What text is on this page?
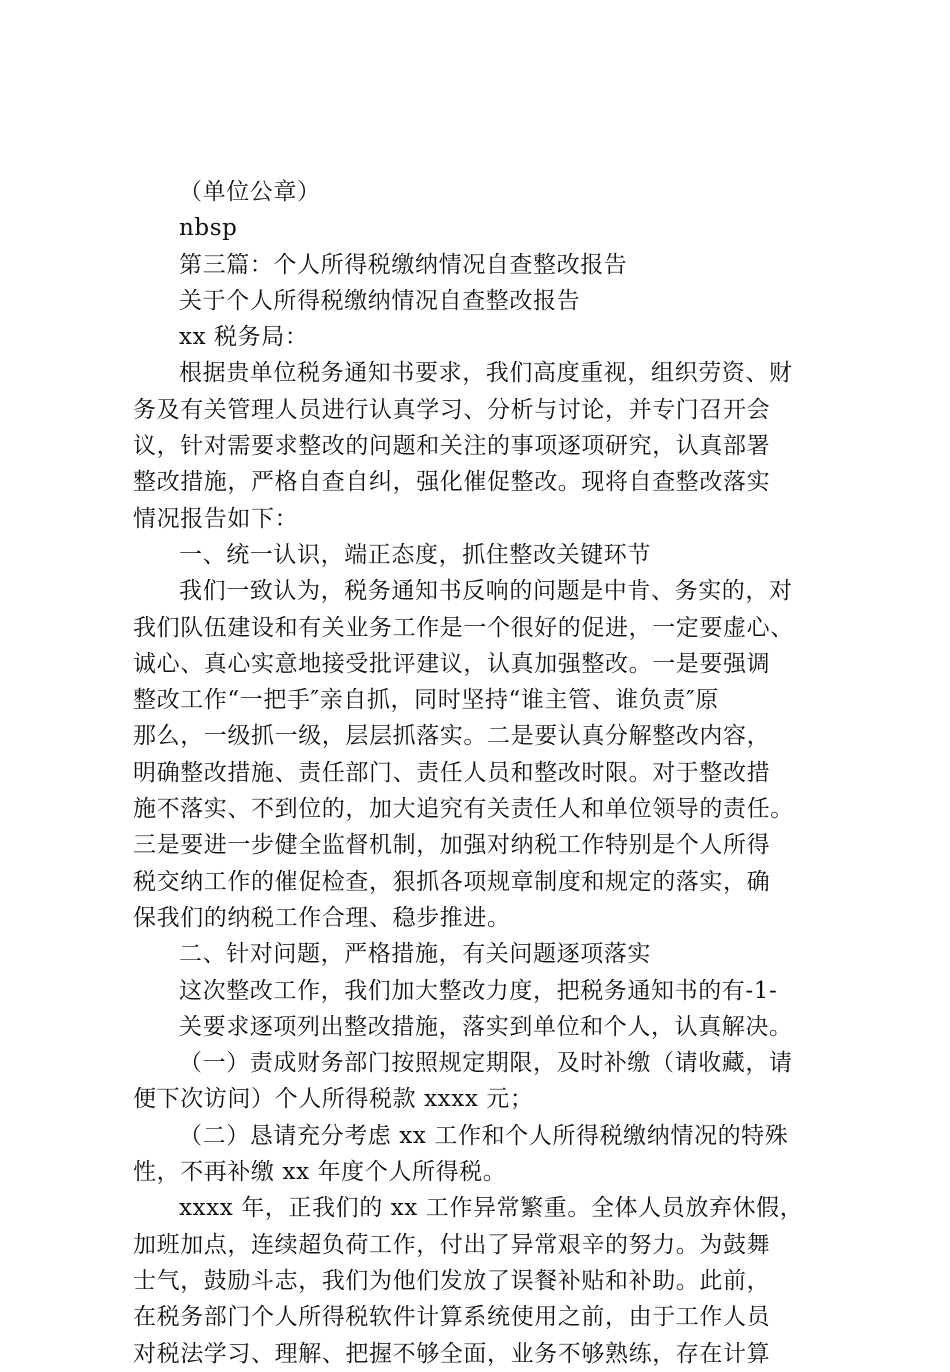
（单位公章）
nbsp
第三篇：个人所得税缴纳情况自查整改报告
关于个人所得税缴纳情况自查整改报告
xx 税务局：
根据贵单位税务通知书要求，我们高度重视，组织劳资、财
务及有关管理人员进行认真学习、分析与讨论，并专门召开会
议，针对需要求整改的问题和关注的事项逐项研究，认真部署
整改措施，严格自查自纠，强化催促整改。现将自查整改落实
情况报告如下：
一、统一认识，端正态度，抓住整改关键环节
我们一致认为，税务通知书反响的问题是中肯、务实的，对
我们队伍建设和有关业务工作是一个很好的促进，一定要虚心、
诚心、真心实意地接受批评建议，认真加强整改。一是要强调
整改工作“一把手″亲自抓，同时坚持“谁主管、谁负责″原
那么，一级抓一级，层层抓落实。二是要认真分解整改内容，
明确整改措施、责任部门、责任人员和整改时限。对于整改措
施不落实、不到位的，加大追究有关责任人和单位领导的责任。
三是要进一步健全监督机制，加强对纳税工作特别是个人所得
税交纳工作的催促检查，狠抓各项规章制度和规定的落实，确
保我们的纳税工作合理、稳步推进。
二、针对问题，严格措施，有关问题逐项落实
这次整改工作，我们加大整改力度，把税务通知书的有-1-
关要求逐项列出整改措施，落实到单位和个人，认真解决。
（一）责成财务部门按照规定期限，及时补缴（请收藏，请
便下次访问）个人所得税款 xxxx 元；
（二）恳请充分考虑 xx 工作和个人所得税缴纳情况的特殊
性，不再补缴 xx 年度个人所得税。
xxxx 年，正我们的 xx 工作异常繁重。全体人员放弃休假，
加班加点，连续超负荷工作，付出了异常艰辛的努力。为鼓舞
士气，鼓励斗志，我们为他们发放了误餐补贴和补助。此前，
在税务部门个人所得税软件计算系统使用之前，由于工作人员
对税法学习、理解、把握不够全面，业务不够熟练，存在计算
